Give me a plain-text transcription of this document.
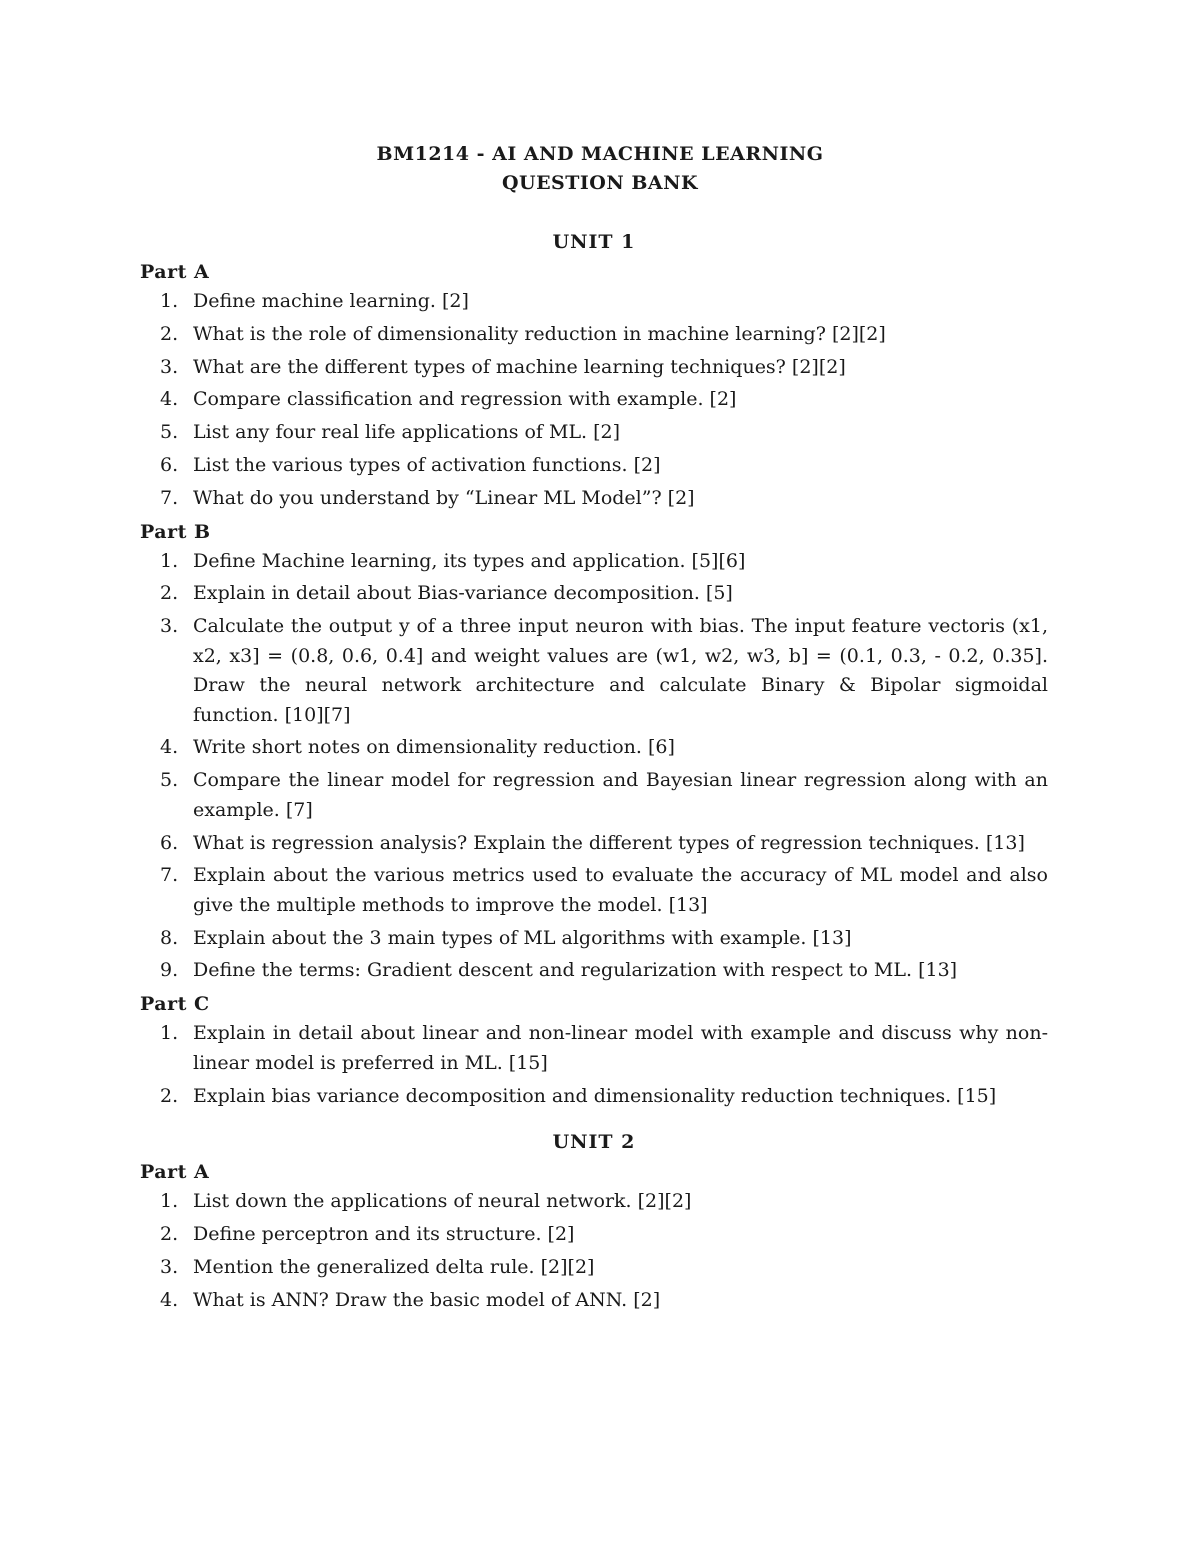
BM1214 - AI AND MACHINE LEARNING
QUESTION BANK
UNIT 1
Part A
1. Define machine learning. [2]
2. What is the role of dimensionality reduction in machine learning? [2][2]
3. What are the different types of machine learning techniques? [2][2]
4. Compare classification and regression with example. [2]
5. List any four real life applications of ML. [2]
6. List the various types of activation functions. [2]
7. What do you understand by “Linear ML Model”? [2]
Part B
1. Define Machine learning, its types and application. [5][6]
2. Explain in detail about Bias-variance decomposition. [5]
3. Calculate the output y of a three input neuron with bias. The input feature vectoris (x1, x2, x3] = (0.8, 0.6, 0.4] and weight values are (w1, w2, w3, b] = (0.1, 0.3, - 0.2, 0.35]. Draw the neural network architecture and calculate Binary & Bipolar sigmoidal function. [10][7]
4. Write short notes on dimensionality reduction. [6]
5. Compare the linear model for regression and Bayesian linear regression along with an example. [7]
6. What is regression analysis? Explain the different types of regression techniques. [13]
7. Explain about the various metrics used to evaluate the accuracy of ML model and also give the multiple methods to improve the model. [13]
8. Explain about the 3 main types of ML algorithms with example. [13]
9. Define the terms: Gradient descent and regularization with respect to ML. [13]
Part C
1. Explain in detail about linear and non-linear model with example and discuss why non-linear model is preferred in ML. [15]
2. Explain bias variance decomposition and dimensionality reduction techniques. [15]
UNIT 2
Part A
1. List down the applications of neural network. [2][2]
2. Define perceptron and its structure. [2]
3. Mention the generalized delta rule. [2][2]
4. What is ANN? Draw the basic model of ANN. [2]
